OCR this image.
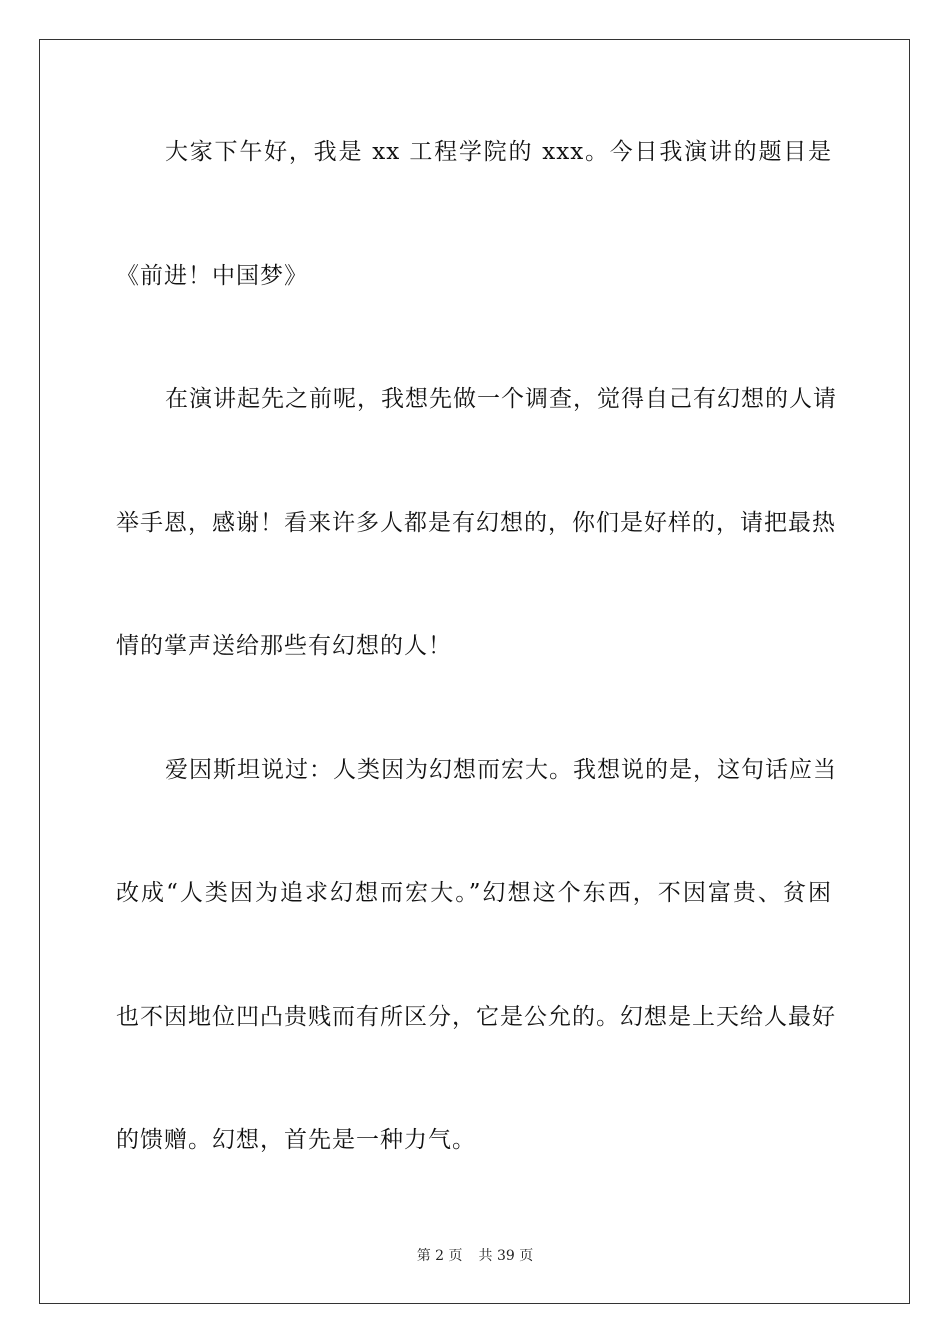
大家下午好，我是 xx 工程学院的 xxx。今日我演讲的题目是
《前进！中国梦》
在演讲起先之前呢，我想先做一个调查，觉得自己有幻想的人请
举手恩，感谢！看来许多人都是有幻想的，你们是好样的，请把最热
情的掌声送给那些有幻想的人！
爱因斯坦说过：人类因为幻想而宏大。我想说的是，这句话应当
改成“人类因为追求幻想而宏大。”幻想这个东西，不因富贵、贫困
也不因地位凹凸贵贱而有所区分，它是公允的。幻想是上天给人最好
的馈赠。幻想，首先是一种力气。
第 2 页 共 39 页
